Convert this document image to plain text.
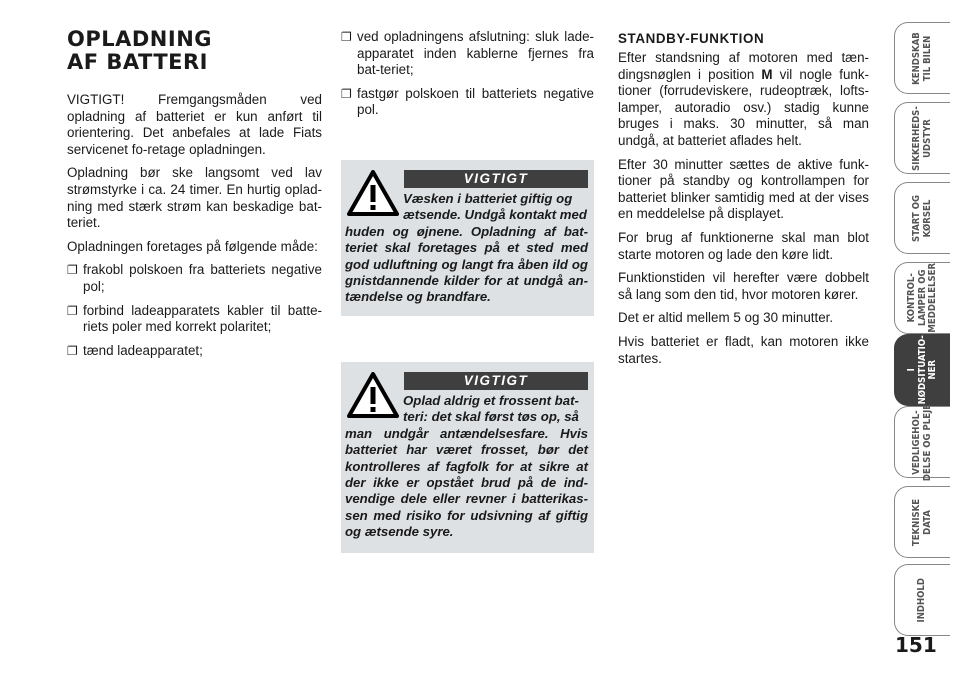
OPLADNING
AF BATTERI

VIGTIGT! Fremgangsmåden ved opladning af batteriet er kun anført til orientering. Det anbefales at lade Fiats servicenet fo-retage opladningen.

Opladning bør ske langsomt ved lav strømstyrke i ca. 24 timer. En hurtig oplad-ning med stærk strøm kan beskadige bat-teriet.

Opladningen foretages på følgende måde:

❐ frakobl polskoen fra batteriets negative pol;
❐ forbind ladeapparatets kabler til batte-riets poler med korrekt polaritet;
❐ tænd ladeapparatet;
❐ ved opladningens afslutning: sluk lade-apparatet inden kablerne fjernes fra bat-teriet;
❐ fastgør polskoen til batteriets negative pol.
VIGTIGT
Væsken i batteriet giftig og
ætsende. Undgå kontakt med
huden og øjnene. Opladning af bat-teriet skal foretages på et sted med god udluftning og langt fra åben ild og gnistdannende kilder for at undgå an-tændelse og brandfare.
VIGTIGT
Oplad aldrig et frossent bat-
teri: det skal først tøs op, så
man undgår antændelsesfare. Hvis batteriet har været frosset, bør det kontrolleres af fagfolk for at sikre at der ikke er opstået brud på de ind-vendige dele eller revner i batterikas-sen med risiko for udsivning af giftig og ætsende syre.
STANDBY-FUNKTION

Efter standsning af motoren med tæn-dingsnøglen i position M vil nogle funk-tioner (forrudeviskere, rudeoptræk, lofts-lamper, autoradio osv.) stadig kunne bruges i maks. 30 minutter, så man undgå, at batteriet aflades helt.

Efter 30 minutter sættes de aktive funk-tioner på standby og kontrollampen for batteriet blinker samtidig med at der vises en meddelelse på displayet.

For brug af funktionerne skal man blot starte motoren og lade den køre lidt.

Funktionstiden vil herefter være dobbelt så lang som den tid, hvor motoren kører.

Det er altid mellem 5 og 30 minutter.

Hvis batteriet er fladt, kan motoren ikke startes.

KENDSKAB
TIL BILEN
SIKKERHEDS-
UDSTYR
START OG
KØRSEL
KONTROL-
LAMPER OG
MEDDELELSER
I
NØDSITUATIO-
NER
VEDLIGEHOL-
DELSE OG PLEJE
TEKNISKE
DATA
INDHOLD
151
